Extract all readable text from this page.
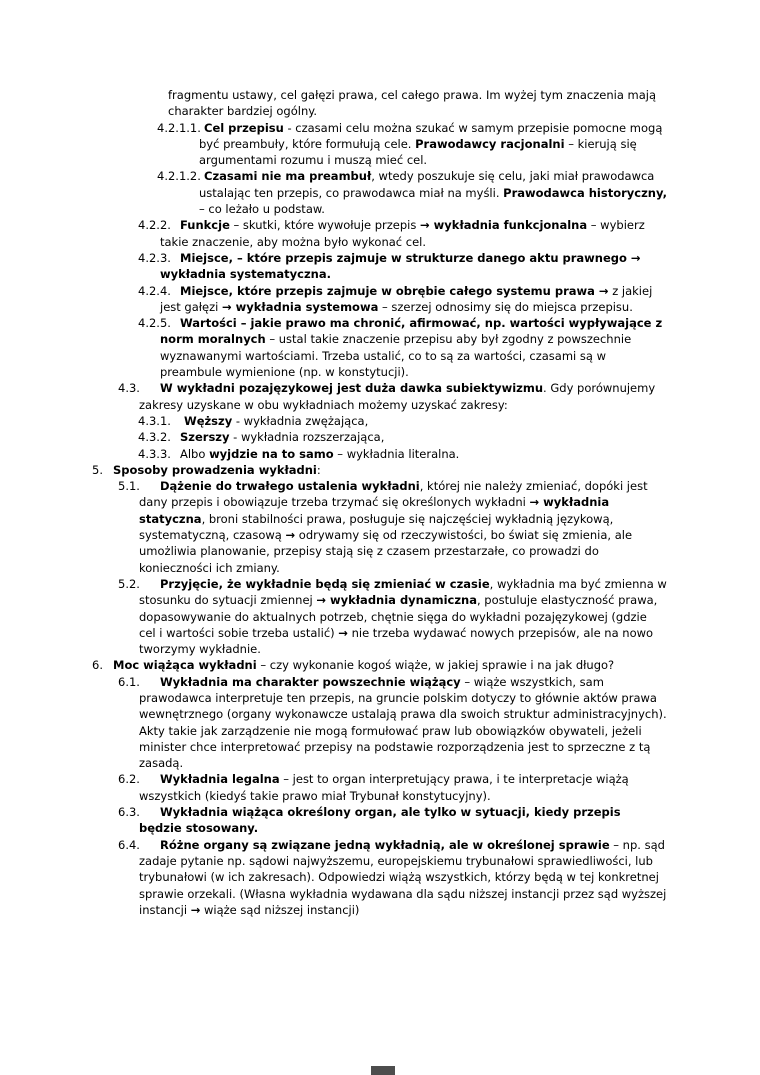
fragmentu ustawy, cel gałęzi prawa, cel całego prawa. Im wyżej tym znaczenia mają charakter bardziej ogólny.
4.2.1.1. Cel przepisu - czasami celu można szukać w samym przepisie pomocne mogą być preambuły, które formułują cele. Prawodawcy racjonalni – kierują się argumentami rozumu i muszą mieć cel.
4.2.1.2. Czasami nie ma preambuł, wtedy poszukuje się celu, jaki miał prawodawca ustalając ten przepis, co prawodawca miał na myśli. Prawodawca historyczny, – co leżało u podstaw.
4.2.2. Funkcje – skutki, które wywołuje przepis → wykładnia funkcjonalna – wybierz takie znaczenie, aby można było wykonać cel.
4.2.3. Miejsce, – które przepis zajmuje w strukturze danego aktu prawnego → wykładnia systematyczna.
4.2.4. Miejsce, które przepis zajmuje w obrębie całego systemu prawa → z jakiej jest gałęzi → wykładnia systemowa – szerzej odnosimy się do miejsca przepisu.
4.2.5. Wartości – jakie prawo ma chronić, afirmować, np. wartości wypływające z norm moralnych – ustal takie znaczenie przepisu aby był zgodny z powszechnie wyznawanymi wartościami. Trzeba ustalić, co to są za wartości, czasami są w preambule wymienione (np. w konstytucji).
4.3. W wykładni pozajęzykowej jest duża dawka subiektywizmu. Gdy porównujemy zakresy uzyskane w obu wykładniach możemy uzyskać zakresy:
4.3.1. Węższy - wykładnia zwężająca,
4.3.2. Szerszy - wykładnia rozszerzająca,
4.3.3. Albo wyjdzie na to samo – wykładnia literalna.
5. Sposoby prowadzenia wykładni:
5.1. Dążenie do trwałego ustalenia wykładni, której nie należy zmieniać, dopóki jest dany przepis i obowiązuje trzeba trzymać się określonych wykładni → wykładnia statyczna, broni stabilności prawa, posługuje się najczęściej wykładnią językową, systematyczną, czasową → odrywamy się od rzeczywistości, bo świat się zmienia, ale umożliwia planowanie, przepisy stają się z czasem przestarzałe, co prowadzi do konieczności ich zmiany.
5.2. Przyjęcie, że wykładnie będą się zmieniać w czasie, wykładnia ma być zmienna w stosunku do sytuacji zmiennej → wykładnia dynamiczna, postuluje elastyczność prawa, dopasowywanie do aktualnych potrzeb, chętnie sięga do wykładni pozajęzykowej (gdzie cel i wartości sobie trzeba ustalić) → nie trzeba wydawać nowych przepisów, ale na nowo tworzymy wykładnie.
6. Moc wiążąca wykładni – czy wykonanie kogoś wiąże, w jakiej sprawie i na jak długo?
6.1. Wykładnia ma charakter powszechnie wiążący – wiąże wszystkich, sam prawodawca interpretuje ten przepis, na gruncie polskim dotyczy to głównie aktów prawa wewnętrznego (organy wykonawcze ustalają prawa dla swoich struktur administracyjnych). Akty takie jak zarządzenie nie mogą formułować praw lub obowiązków obywateli, jeżeli minister chce interpretować przepisy na podstawie rozporządzenia jest to sprzeczne z tą zasadą.
6.2. Wykładnia legalna – jest to organ interpretujący prawa, i te interpretacje wiążą wszystkich (kiedyś takie prawo miał Trybunał konstytucyjny).
6.3. Wykładnia wiążąca określony organ, ale tylko w sytuacji, kiedy przepis będzie stosowany.
6.4. Różne organy są związane jedną wykładnią, ale w określonej sprawie – np. sąd zadaje pytanie np. sądowi najwyższemu, europejskiemu trybunałowi sprawiedliwości, lub trybunałowi (w ich zakresach). Odpowiedzi wiążą wszystkich, którzy będą w tej konkretnej sprawie orzekali. (Własna wykładnia wydawana dla sądu niższej instancji przez sąd wyższej instancji → wiąże sąd niższej instancji)
